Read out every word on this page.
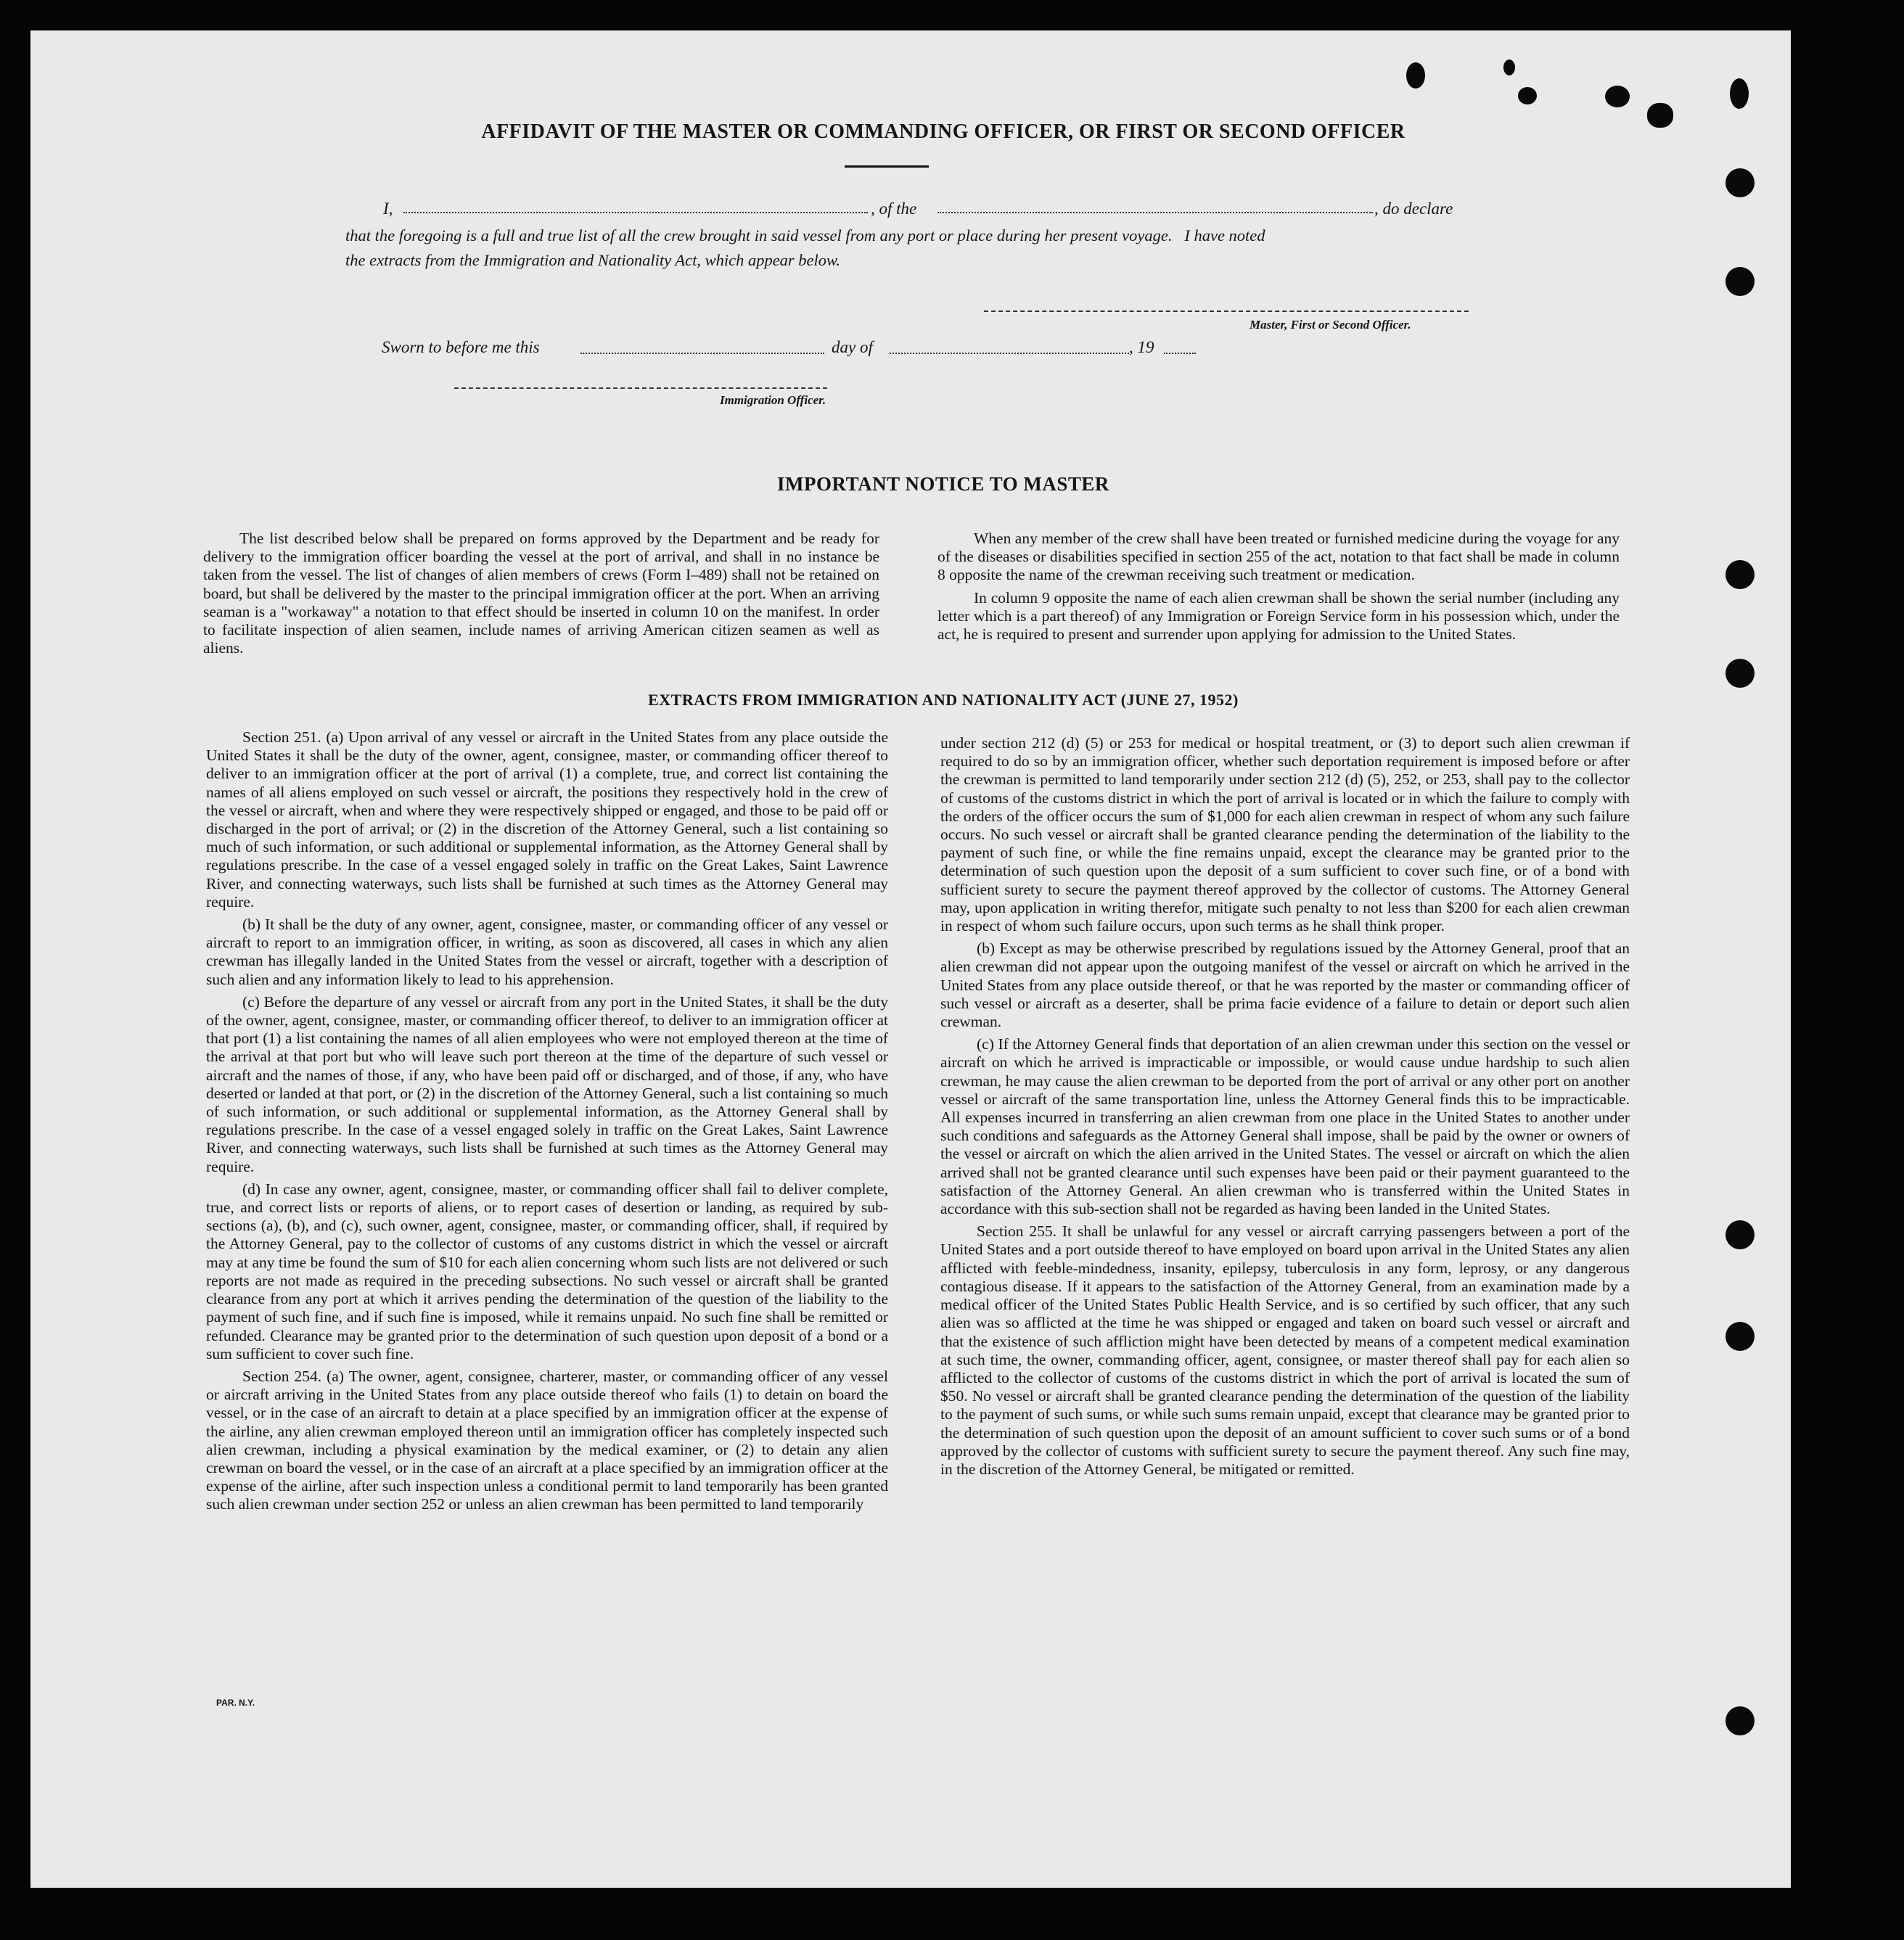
AFFIDAVIT OF THE MASTER OR COMMANDING OFFICER, OR FIRST OR SECOND OFFICER
I,	, of the	, do declare
that the foregoing is a full and true list of all the crew brought in said vessel from any port or place during her present voyage.   I have noted
the extracts from the Immigration and Nationality Act, which appear below.
Master, First or Second Officer.
Sworn to before me this	day of	, 19
Immigration Officer.
IMPORTANT NOTICE TO MASTER

The list described below shall be prepared on forms approved by the Department and be ready for delivery to the immigration officer boarding the vessel at the port of arrival, and shall in no instance be taken from the vessel. The list of changes of alien members of crews (Form I–489) shall not be retained on board, but shall be delivered by the master to the principal immigration officer at the port. When an arriving seaman is a "workaway" a notation to that effect should be inserted in column 10 on the manifest. In order to facilitate inspection of alien seamen, include names of arriving American citizen seamen as well as aliens.

When any member of the crew shall have been treated or furnished medicine during the voyage for any of the diseases or disabilities specified in section 255 of the act, notation to that fact shall be made in column 8 opposite the name of the crewman receiving such treatment or medication.

In column 9 opposite the name of each alien crewman shall be shown the serial number (including any letter which is a part thereof) of any Immigration or Foreign Service form in his possession which, under the act, he is required to present and surrender upon applying for admission to the United States.

EXTRACTS FROM IMMIGRATION AND NATIONALITY ACT (JUNE 27, 1952)

Section 251. (a) Upon arrival of any vessel or aircraft in the United States from any place outside the United States it shall be the duty of the owner, agent, consignee, master, or commanding officer thereof to deliver to an immigration officer at the port of arrival (1) a complete, true, and correct list containing the names of all aliens employed on such vessel or aircraft, the positions they respectively hold in the crew of the vessel or aircraft, when and where they were respectively shipped or engaged, and those to be paid off or discharged in the port of arrival; or (2) in the discretion of the Attorney General, such a list containing so much of such information, or such additional or supplemental information, as the Attorney General shall by regulations prescribe. In the case of a vessel engaged solely in traffic on the Great Lakes, Saint Lawrence River, and connecting waterways, such lists shall be furnished at such times as the Attorney General may require.

(b) It shall be the duty of any owner, agent, consignee, master, or commanding officer of any vessel or aircraft to report to an immigration officer, in writing, as soon as discovered, all cases in which any alien crewman has illegally landed in the United States from the vessel or aircraft, together with a description of such alien and any information likely to lead to his apprehension.

(c) Before the departure of any vessel or aircraft from any port in the United States, it shall be the duty of the owner, agent, consignee, master, or commanding officer thereof, to deliver to an immigration officer at that port (1) a list containing the names of all alien employees who were not employed thereon at the time of the arrival at that port but who will leave such port thereon at the time of the departure of such vessel or aircraft and the names of those, if any, who have been paid off or discharged, and of those, if any, who have deserted or landed at that port, or (2) in the discretion of the Attorney General, such a list containing so much of such information, or such additional or supplemental information, as the Attorney General shall by regulations prescribe. In the case of a vessel engaged solely in traffic on the Great Lakes, Saint Lawrence River, and connecting waterways, such lists shall be furnished at such times as the Attorney General may require.

(d) In case any owner, agent, consignee, master, or commanding officer shall fail to deliver complete, true, and correct lists or reports of aliens, or to report cases of desertion or landing, as required by sub-sections (a), (b), and (c), such owner, agent, consignee, master, or commanding officer, shall, if required by the Attorney General, pay to the collector of customs of any customs district in which the vessel or aircraft may at any time be found the sum of $10 for each alien concerning whom such lists are not delivered or such reports are not made as required in the preceding subsections. No such vessel or aircraft shall be granted clearance from any port at which it arrives pending the determination of the question of the liability to the payment of such fine, and if such fine is imposed, while it remains unpaid. No such fine shall be remitted or refunded. Clearance may be granted prior to the determination of such question upon deposit of a bond or a sum sufficient to cover such fine.

Section 254. (a) The owner, agent, consignee, charterer, master, or commanding officer of any vessel or aircraft arriving in the United States from any place outside thereof who fails (1) to detain on board the vessel, or in the case of an aircraft to detain at a place specified by an immigration officer at the expense of the airline, any alien crewman employed thereon until an immigration officer has completely inspected such alien crewman, including a physical examination by the medical examiner, or (2) to detain any alien crewman on board the vessel, or in the case of an aircraft at a place specified by an immigration officer at the expense of the airline, after such inspection unless a conditional permit to land temporarily has been granted such alien crewman under section 252 or unless an alien crewman has been permitted to land temporarily

under section 212 (d) (5) or 253 for medical or hospital treatment, or (3) to deport such alien crewman if required to do so by an immigration officer, whether such deportation requirement is imposed before or after the crewman is permitted to land temporarily under section 212 (d) (5), 252, or 253, shall pay to the collector of customs of the customs district in which the port of arrival is located or in which the failure to comply with the orders of the officer occurs the sum of $1,000 for each alien crewman in respect of whom any such failure occurs. No such vessel or aircraft shall be granted clearance pending the determination of the liability to the payment of such fine, or while the fine remains unpaid, except the clearance may be granted prior to the determination of such question upon the deposit of a sum sufficient to cover such fine, or of a bond with sufficient surety to secure the payment thereof approved by the collector of customs. The Attorney General may, upon application in writing therefor, mitigate such penalty to not less than $200 for each alien crewman in respect of whom such failure occurs, upon such terms as he shall think proper.

(b) Except as may be otherwise prescribed by regulations issued by the Attorney General, proof that an alien crewman did not appear upon the outgoing manifest of the vessel or aircraft on which he arrived in the United States from any place outside thereof, or that he was reported by the master or commanding officer of such vessel or aircraft as a deserter, shall be prima facie evidence of a failure to detain or deport such alien crewman.

(c) If the Attorney General finds that deportation of an alien crewman under this section on the vessel or aircraft on which he arrived is impracticable or impossible, or would cause undue hardship to such alien crewman, he may cause the alien crewman to be deported from the port of arrival or any other port on another vessel or aircraft of the same transportation line, unless the Attorney General finds this to be impracticable. All expenses incurred in transferring an alien crewman from one place in the United States to another under such conditions and safeguards as the Attorney General shall impose, shall be paid by the owner or owners of the vessel or aircraft on which the alien arrived in the United States. The vessel or aircraft on which the alien arrived shall not be granted clearance until such expenses have been paid or their payment guaranteed to the satisfaction of the Attorney General. An alien crewman who is transferred within the United States in accordance with this sub-section shall not be regarded as having been landed in the United States.

Section 255. It shall be unlawful for any vessel or aircraft carrying passengers between a port of the United States and a port outside thereof to have employed on board upon arrival in the United States any alien afflicted with feeble-mindedness, insanity, epilepsy, tuberculosis in any form, leprosy, or any dangerous contagious disease. If it appears to the satisfaction of the Attorney General, from an examination made by a medical officer of the United States Public Health Service, and is so certified by such officer, that any such alien was so afflicted at the time he was shipped or engaged and taken on board such vessel or aircraft and that the existence of such affliction might have been detected by means of a competent medical examination at such time, the owner, commanding officer, agent, consignee, or master thereof shall pay for each alien so afflicted to the collector of customs of the customs district in which the port of arrival is located the sum of $50. No vessel or aircraft shall be granted clearance pending the determination of the question of the liability to the payment of such sums, or while such sums remain unpaid, except that clearance may be granted prior to the determination of such question upon the deposit of an amount sufficient to cover such sums or of a bond approved by the collector of customs with sufficient surety to secure the payment thereof. Any such fine may, in the discretion of the Attorney General, be mitigated or remitted.

PAR. N.Y.
